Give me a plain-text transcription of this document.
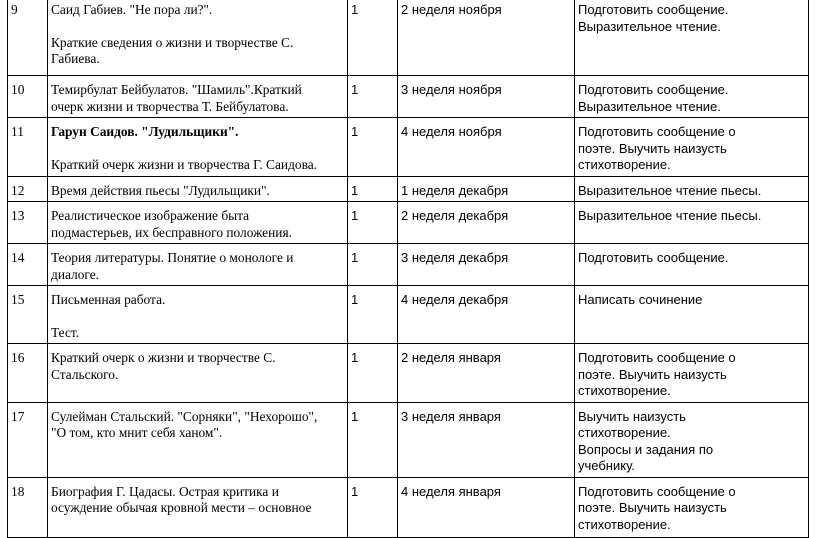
9	Саид Габиев. "Не пора ли?".
Краткие сведения о жизни и творчестве С.
Габиева.	1	2 неделя ноября	Подготовить сообщение.
Выразительное чтение.

10	Темирбулат Бейбулатов. "Шамиль".Краткий
очерк жизни и творчества Т. Бейбулатова.	1	3 неделя ноября	Подготовить сообщение.
Выразительное чтение.

11	Гарун Саидов. "Лудильщики".
Краткий очерк жизни и творчества Г. Саидова.	1	4 неделя ноября	Подготовить сообщение о
поэте. Выучить наизусть
стихотворение.

12	Время действия пьесы "Лудильщики".	1	1 неделя декабря	Выразительное чтение пьесы.

13	Реалистическое изображение быта
подмастерьев, их бесправного положения.	1	2 неделя декабря	Выразительное чтение пьесы.

14	Теория литературы. Понятие о монологе и
диалоге.	1	3 неделя декабря	Подготовить сообщение.

15	Письменная работа.
Тест.	1	4 неделя декабря	Написать сочинение

16	Краткий очерк о жизни и творчестве С.
Стальского.	1	2 неделя января	Подготовить сообщение о
поэте. Выучить наизусть
стихотворение.

17	Сулейман Стальский. "Сорняки", "Нехорошо",
"О том, кто мнит себя ханом".	1	3 неделя января	Выучить наизусть
стихотворение.
Вопросы и задания по
учебнику.

18	Биография Г. Цадасы. Острая критика и
осуждение обычая кровной мести – основное	1	4 неделя января	Подготовить сообщение о
поэте. Выучить наизусть
стихотворение.
